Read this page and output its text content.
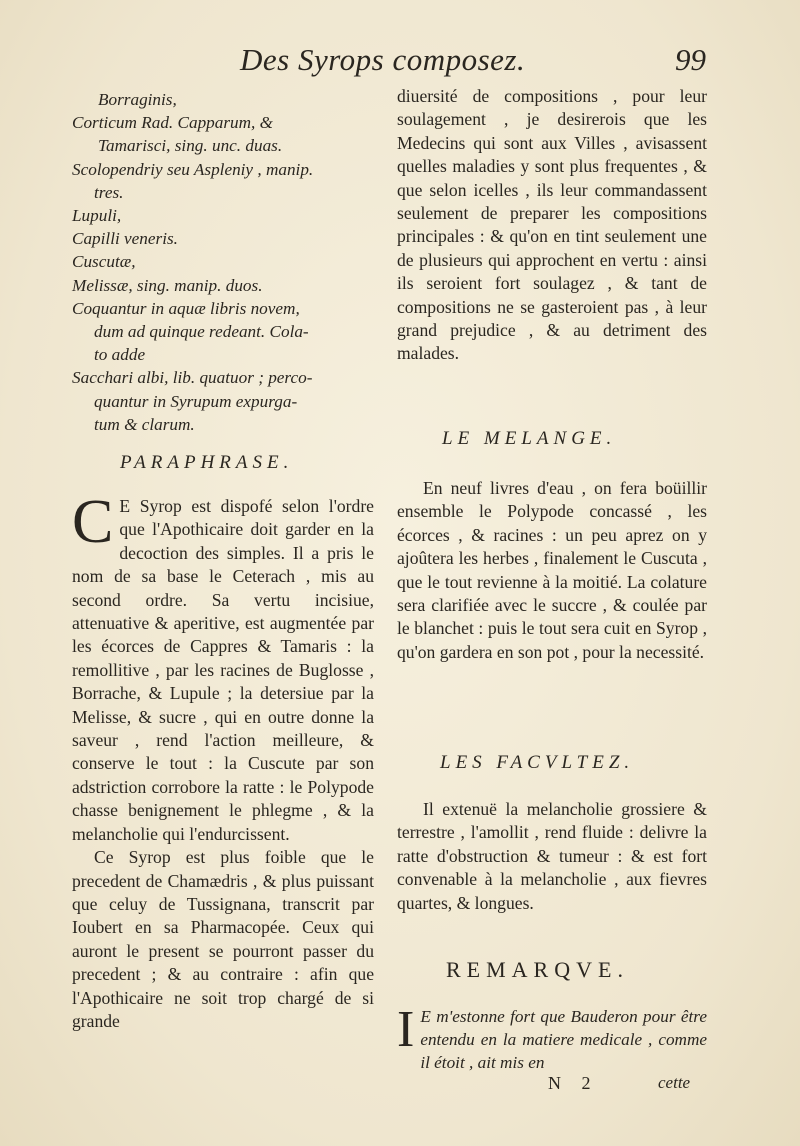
Des Syrops composez.	99
Borraginis,
Corticum Rad. Capparum, &
Tamarisci, sing. unc. duas.
Scolopendriy seu Aspleniy , manip.
tres.
Lupuli,
Capilli veneris.
Cuscutæ,
Melissæ, sing. manip. duos.
Coquantur in aquæ libris novem,
dum ad quinque redeant. Cola-
to adde
Sacchari albi, lib. quatuor ; perco-
quantur in Syrupum expurga-
tum & clarum.
PARAPHRASE.

C E Syrop est dispofé selon l'ordre que l'Apothicaire doit garder en la decoction des simples. Il a pris le nom de sa base le Ceterach , mis au second ordre. Sa vertu incisiue, attenuative & aperitive, est augmentée par les écorces de Cappres & Tamaris : la remollitive , par les racines de Buglosse , Borrache, & Lupule ; la detersiue par la Melisse, & sucre , qui en outre donne la saveur , rend l'action meilleure, & conserve le tout : la Cuscute par son adstriction corrobore la ratte : le Polypode chasse benignement le phlegme , & la melancholie qui l'endurcissent.

Ce Syrop est plus foible que le precedent de Chamædris , & plus puissant que celuy de Tussignana, transcrit par Ioubert en sa Pharmacopée. Ceux qui auront le present se pourront passer du precedent ; & au contraire : afin que l'Apothicaire ne soit trop chargé de si grande

diuersité de compositions , pour leur soulagement , je desirerois que les Medecins qui sont aux Villes , avisassent quelles maladies y sont plus frequentes , & que selon icelles , ils leur commandassent seulement de preparer les compositions principales : & qu'on en tint seulement une de plusieurs qui approchent en vertu : ainsi ils seroient fort soulagez , & tant de compositions ne se gasteroient pas , à leur grand prejudice , & au detriment des malades.

LE MELANGE.

En neuf livres d'eau , on fera boüillir ensemble le Polypode concassé , les écorces , & racines : un peu aprez on y ajoûtera les herbes , finalement le Cuscuta , que le tout revienne à la moitié. La colature sera clarifiée avec le succre , & coulée par le blanchet : puis le tout sera cuit en Syrop , qu'on gardera en son pot , pour la necessité.

LES FACVLTEZ.

Il extenuë la melancholie grossiere & terrestre , l'amollit , rend fluide : delivre la ratte d'obstruction & tumeur : & est fort convenable à la melancholie , aux fievres quartes, & longues.

REMARQVE.
I E m'estonne fort que Bauderon pour être entendu en la matiere medicale , comme il étoit , ait mis en
N 2	cette
